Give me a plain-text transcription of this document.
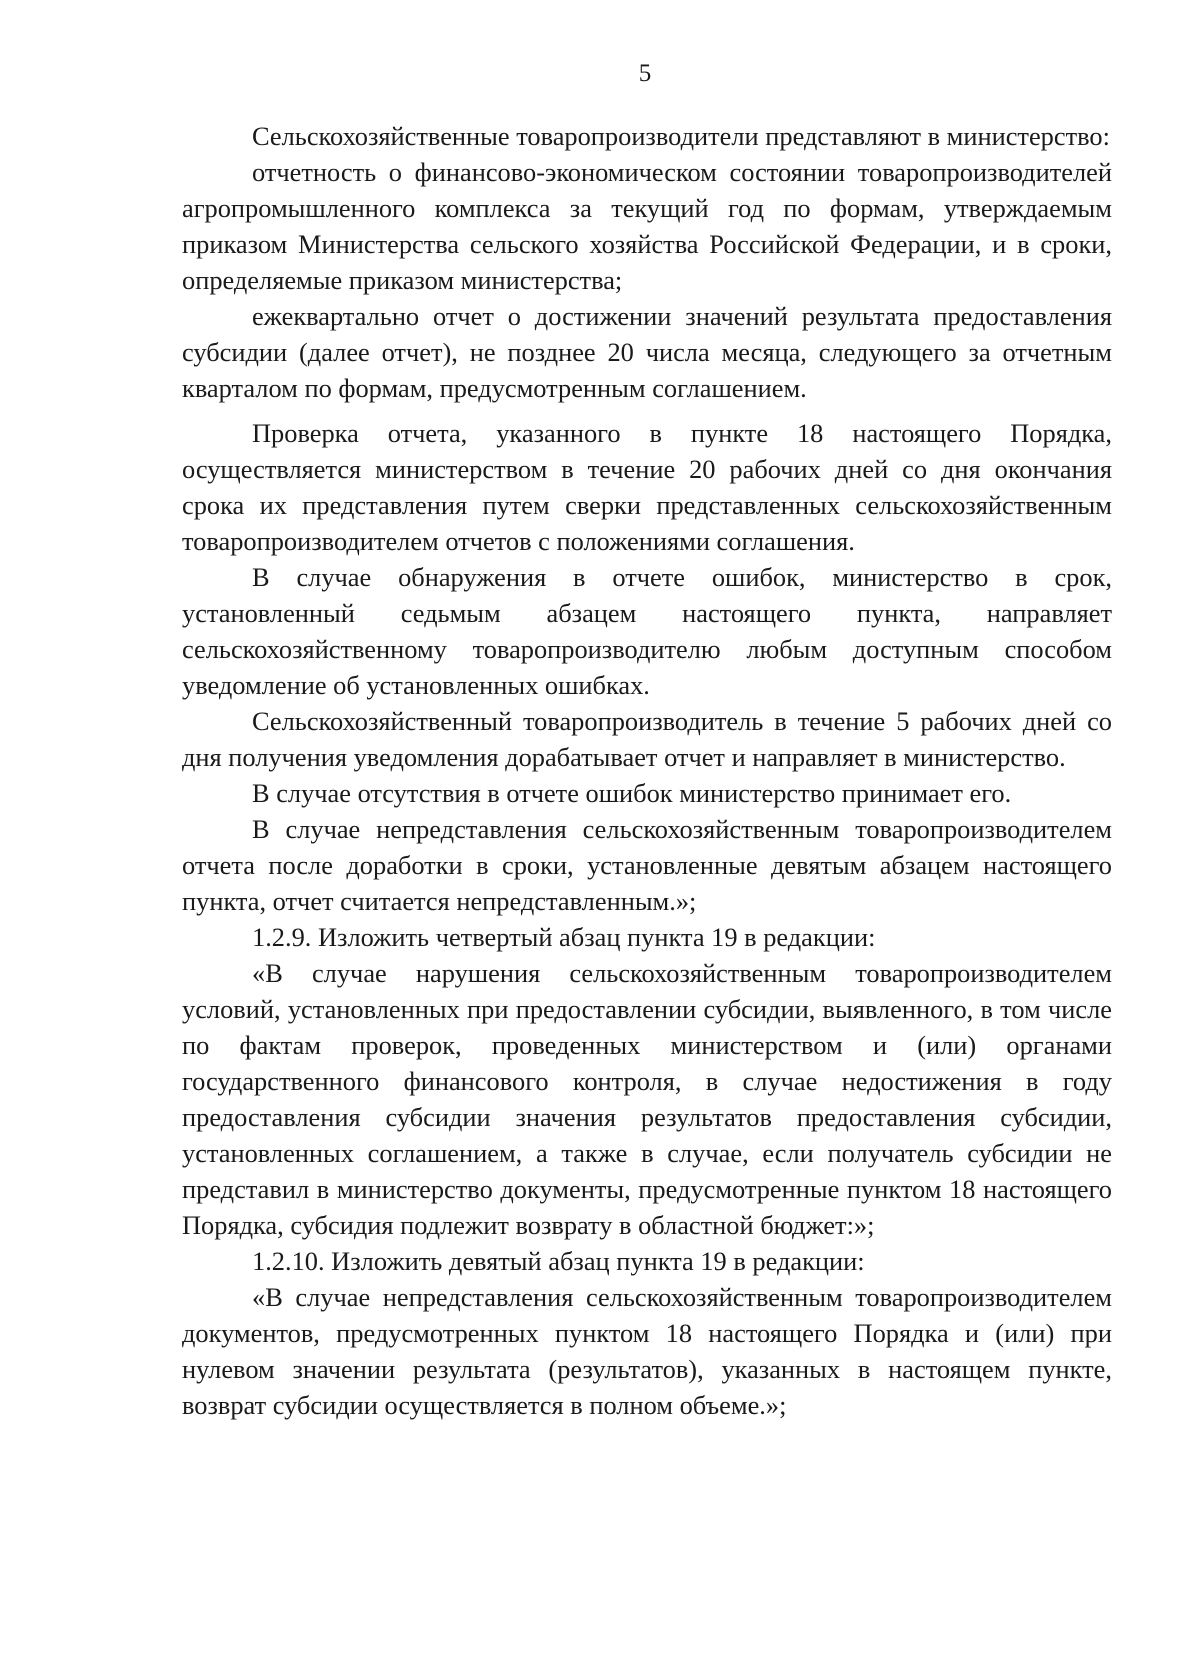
5

Сельскохозяйственные товаропроизводители представляют в министерство:

отчетность о финансово-экономическом состоянии товаропроизводителей агропромышленного комплекса за текущий год по формам, утверждаемым приказом Министерства сельского хозяйства Российской Федерации, и в сроки, определяемые приказом министерства;

ежеквартально отчет о достижении значений результата предоставления субсидии (далее отчет), не позднее 20 числа месяца, следующего за отчетным кварталом по формам, предусмотренным соглашением.

Проверка отчета, указанного в пункте 18 настоящего Порядка, осуществляется министерством в течение 20 рабочих дней со дня окончания срока их представления путем сверки представленных сельскохозяйственным товаропроизводителем отчетов с положениями соглашения.

В случае обнаружения в отчете ошибок, министерство в срок, установленный седьмым абзацем настоящего пункта, направляет сельскохозяйственному товаропроизводителю любым доступным способом уведомление об установленных ошибках.

Сельскохозяйственный товаропроизводитель в течение 5 рабочих дней со дня получения уведомления дорабатывает отчет и направляет в министерство.

В случае отсутствия в отчете ошибок министерство принимает его.

В случае непредставления сельскохозяйственным товаропроизводителем отчета после доработки в сроки, установленные девятым абзацем настоящего пункта, отчет считается непредставленным.»;

1.2.9. Изложить четвертый абзац пункта 19 в редакции:

«В случае нарушения сельскохозяйственным товаропроизводителем условий, установленных при предоставлении субсидии, выявленного, в том числе по фактам проверок, проведенных министерством и (или) органами государственного финансового контроля, в случае недостижения в году предоставления субсидии значения результатов предоставления субсидии, установленных соглашением, а также в случае, если получатель субсидии не представил в министерство документы, предусмотренные пунктом 18 настоящего Порядка, субсидия подлежит возврату в областной бюджет:»;

1.2.10. Изложить девятый абзац пункта 19 в редакции:

«В случае непредставления сельскохозяйственным товаропроизводителем документов, предусмотренных пунктом 18 настоящего Порядка и (или) при нулевом значении результата (результатов), указанных в настоящем пункте, возврат субсидии осуществляется в полном объеме.»;
